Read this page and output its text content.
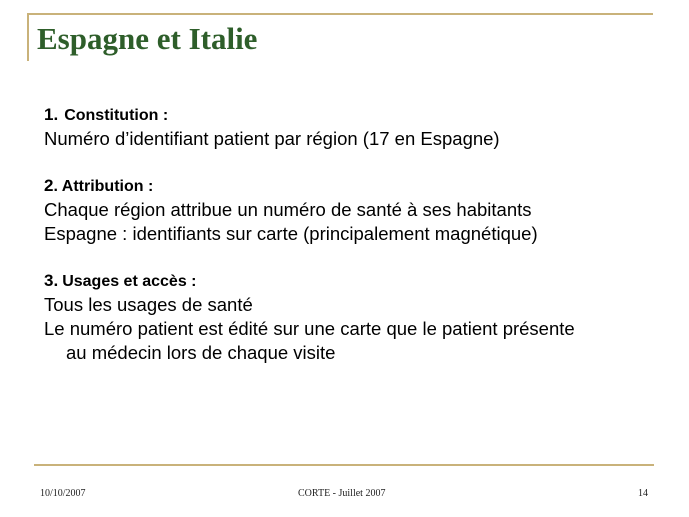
Espagne et Italie
1. Constitution :
Numéro d’identifiant patient par région (17 en Espagne)
2. Attribution :
Chaque région attribue un numéro de santé à ses habitants
Espagne : identifiants sur carte (principalement magnétique)
3. Usages et accès :
Tous les usages de santé
Le numéro patient est édité sur une carte que le patient présente
au médecin lors de chaque visite
10/10/2007	CORTE - Juillet 2007	14
